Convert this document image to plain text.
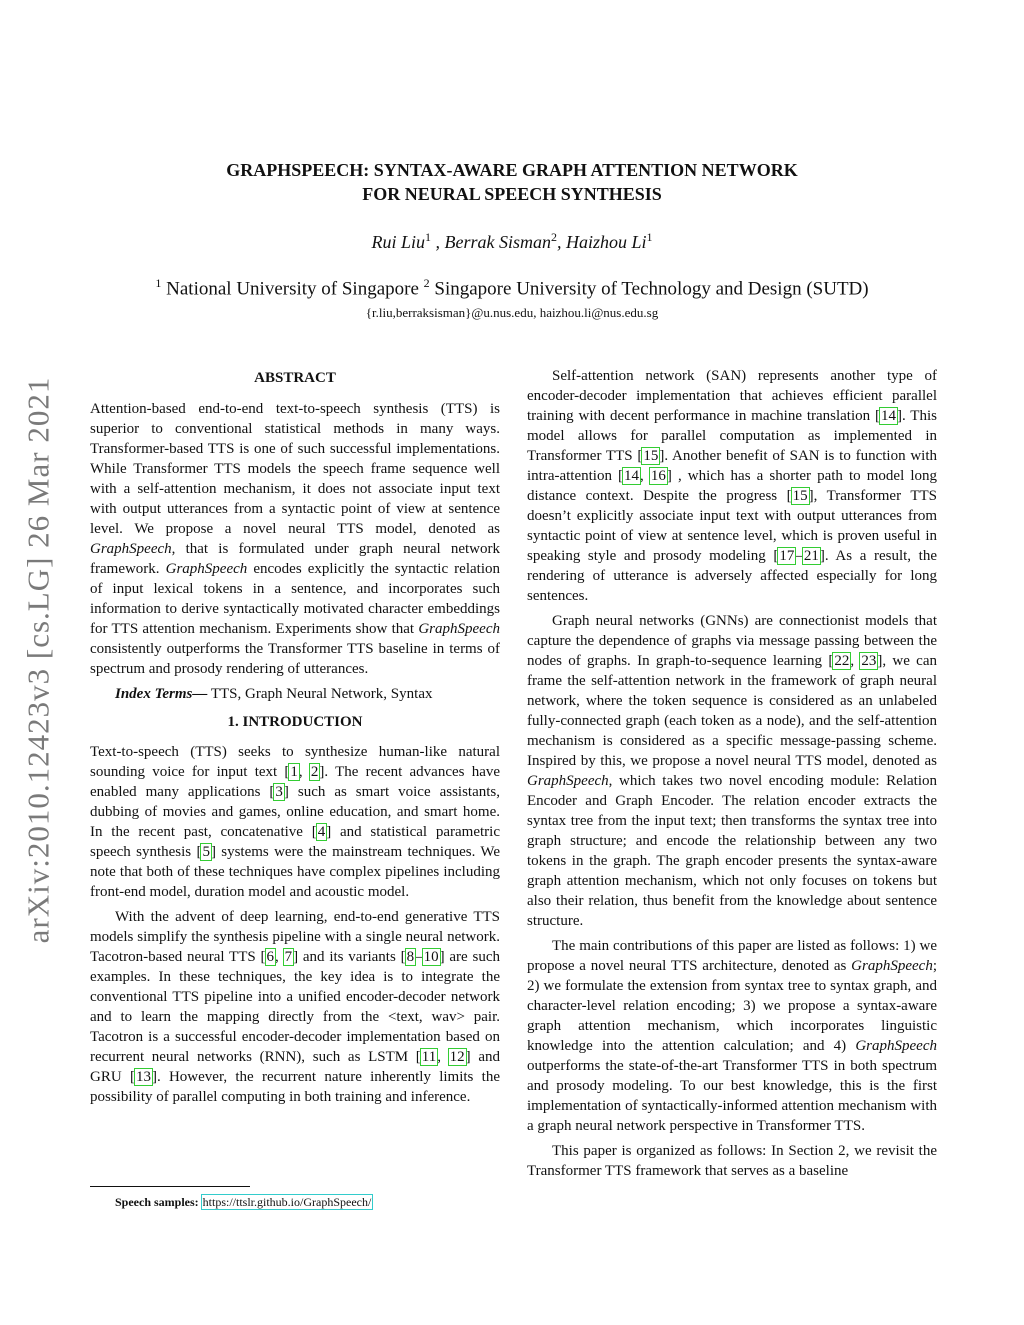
arXiv:2010.12423v3 [cs.LG] 26 Mar 2021
GRAPHSPEECH: SYNTAX-AWARE GRAPH ATTENTION NETWORK
FOR NEURAL SPEECH SYNTHESIS
Rui Liu$^1$ , Berrak Sisman$^2$, Haizhou Li$^1$
$^1$ National University of Singapore $^2$ Singapore University of Technology and Design (SUTD)
{r.liu,berraksisman}@u.nus.edu, haizhou.li@nus.edu.sg
ABSTRACT

Attention-based end-to-end text-to-speech synthesis (TTS) is superior to conventional statistical methods in many ways. Transformer-based TTS is one of such successful implementations. While Transformer TTS models the speech frame sequence well with a self-attention mechanism, it does not associate input text with output utterances from a syntactic point of view at sentence level. We propose a novel neural TTS model, denoted as GraphSpeech, that is formulated under graph neural network framework. GraphSpeech encodes explicitly the syntactic relation of input lexical tokens in a sentence, and incorporates such information to derive syntactically motivated character embeddings for TTS attention mechanism. Experiments show that GraphSpeech consistently outperforms the Transformer TTS baseline in terms of spectrum and prosody rendering of utterances.

Index Terms— TTS, Graph Neural Network, Syntax

1. INTRODUCTION

Text-to-speech (TTS) seeks to synthesize human-like natural sounding voice for input text [1, 2]. The recent advances have enabled many applications [3] such as smart voice assistants, dubbing of movies and games, online education, and smart home. In the recent past, concatenative [4] and statistical parametric speech synthesis [5] systems were the mainstream techniques. We note that both of these techniques have complex pipelines including front-end model, duration model and acoustic model.

With the advent of deep learning, end-to-end generative TTS models simplify the synthesis pipeline with a single neural network. Tacotron-based neural TTS [6, 7] and its variants [8–10] are such examples. In these techniques, the key idea is to integrate the conventional TTS pipeline into a unified encoder-decoder network and to learn the mapping directly from the <text, wav> pair. Tacotron is a successful encoder-decoder implementation based on recurrent neural networks (RNN), such as LSTM [11, 12] and GRU [13]. However, the recurrent nature inherently limits the possibility of parallel computing in both training and inference.

Self-attention network (SAN) represents another type of encoder-decoder implementation that achieves efficient parallel training with decent performance in machine translation [14]. This model allows for parallel computation as implemented in Transformer TTS [15]. Another benefit of SAN is to function with intra-attention [14, 16] , which has a shorter path to model long distance context. Despite the progress [15], Transformer TTS doesn’t explicitly associate input text with output utterances from syntactic point of view at sentence level, which is proven useful in speaking style and prosody modeling [17–21]. As a result, the rendering of utterance is adversely affected especially for long sentences.

Graph neural networks (GNNs) are connectionist models that capture the dependence of graphs via message passing between the nodes of graphs. In graph-to-sequence learning [22, 23], we can frame the self-attention network in the framework of graph neural network, where the token sequence is considered as an unlabeled fully-connected graph (each token as a node), and the self-attention mechanism is considered as a specific message-passing scheme. Inspired by this, we propose a novel neural TTS model, denoted as GraphSpeech, which takes two novel encoding module: Relation Encoder and Graph Encoder. The relation encoder extracts the syntax tree from the input text; then transforms the syntax tree into graph structure; and encode the relationship between any two tokens in the graph. The graph encoder presents the syntax-aware graph attention mechanism, which not only focuses on tokens but also their relation, thus benefit from the knowledge about sentence structure.

The main contributions of this paper are listed as follows: 1) we propose a novel neural TTS architecture, denoted as GraphSpeech; 2) we formulate the extension from syntax tree to syntax graph, and character-level relation encoding; 3) we propose a syntax-aware graph attention mechanism, which incorporates linguistic knowledge into the attention calculation; and 4) GraphSpeech outperforms the state-of-the-art Transformer TTS in both spectrum and prosody modeling. To our best knowledge, this is the first implementation of syntactically-informed attention mechanism with a graph neural network perspective in Transformer TTS.

This paper is organized as follows: In Section 2, we revisit the Transformer TTS framework that serves as a baseline

Speech samples: https://ttslr.github.io/GraphSpeech/
